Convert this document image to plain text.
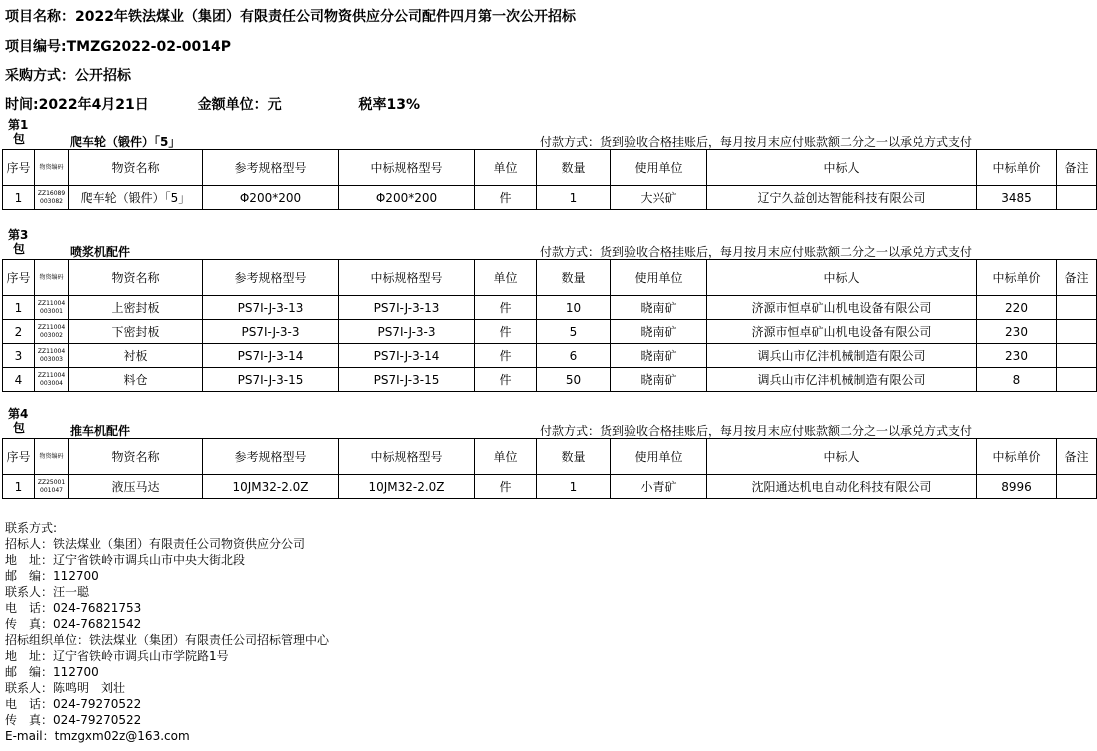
项目名称：2022年铁法煤业（集团）有限责任公司物资供应分公司配件四月第一次公开招标
项目编号:TMZG2022-02-0014P
采购方式：公开招标
时间:2022年4月21日	金额单位：元	税率13%
第1
包	爬车轮（锻件）「5」	付款方式：货到验收合格挂账后，每月按月末应付账款额二分之一以承兑方式支付
序号	物资编码	物资名称	参考规格型号	中标规格型号	单位	数量	使用单位	中标人	中标单价	备注
1	ZZ16089 003082	爬车轮（锻件）「5」	Φ200*200	Φ200*200	件	1	大兴矿	辽宁久益创达智能科技有限公司	3485	
第3
包	喷浆机配件	付款方式：货到验收合格挂账后，每月按月末应付账款额二分之一以承兑方式支付
序号	物资编码	物资名称	参考规格型号	中标规格型号	单位	数量	使用单位	中标人	中标单价	备注
1	ZZ11004 003001	上密封板	PS7I-J-3-13	PS7I-J-3-13	件	10	晓南矿	济源市恒卓矿山机电设备有限公司	220	
2	ZZ11004 003002	下密封板	PS7I-J-3-3	PS7I-J-3-3	件	5	晓南矿	济源市恒卓矿山机电设备有限公司	230	
3	ZZ11004 003003	衬板	PS7I-J-3-14	PS7I-J-3-14	件	6	晓南矿	调兵山市亿沣机械制造有限公司	230	
4	ZZ11004 003004	料仓	PS7I-J-3-15	PS7I-J-3-15	件	50	晓南矿	调兵山市亿沣机械制造有限公司	8	
第4
包	推车机配件	付款方式：货到验收合格挂账后，每月按月末应付账款额二分之一以承兑方式支付
序号	物资编码	物资名称	参考规格型号	中标规格型号	单位	数量	使用单位	中标人	中标单价	备注
1	ZZ25001 001047	液压马达	10JM32-2.0Z	10JM32-2.0Z	件	1	小青矿	沈阳通达机电自动化科技有限公司	8996	
联系方式:
招标人：铁法煤业（集团）有限责任公司物资供应分公司
地　址：辽宁省铁岭市调兵山市中央大街北段
邮　编：112700
联系人：汪一聪
电　话：024-76821753
传　真：024-76821542
招标组织单位：铁法煤业（集团）有限责任公司招标管理中心
地　址：辽宁省铁岭市调兵山市学院路1号
邮　编：112700
联系人：陈鸣明　刘壮
电　话：024-79270522
传　真：024-79270522
E-mail：tmzgxm02z@163.com
